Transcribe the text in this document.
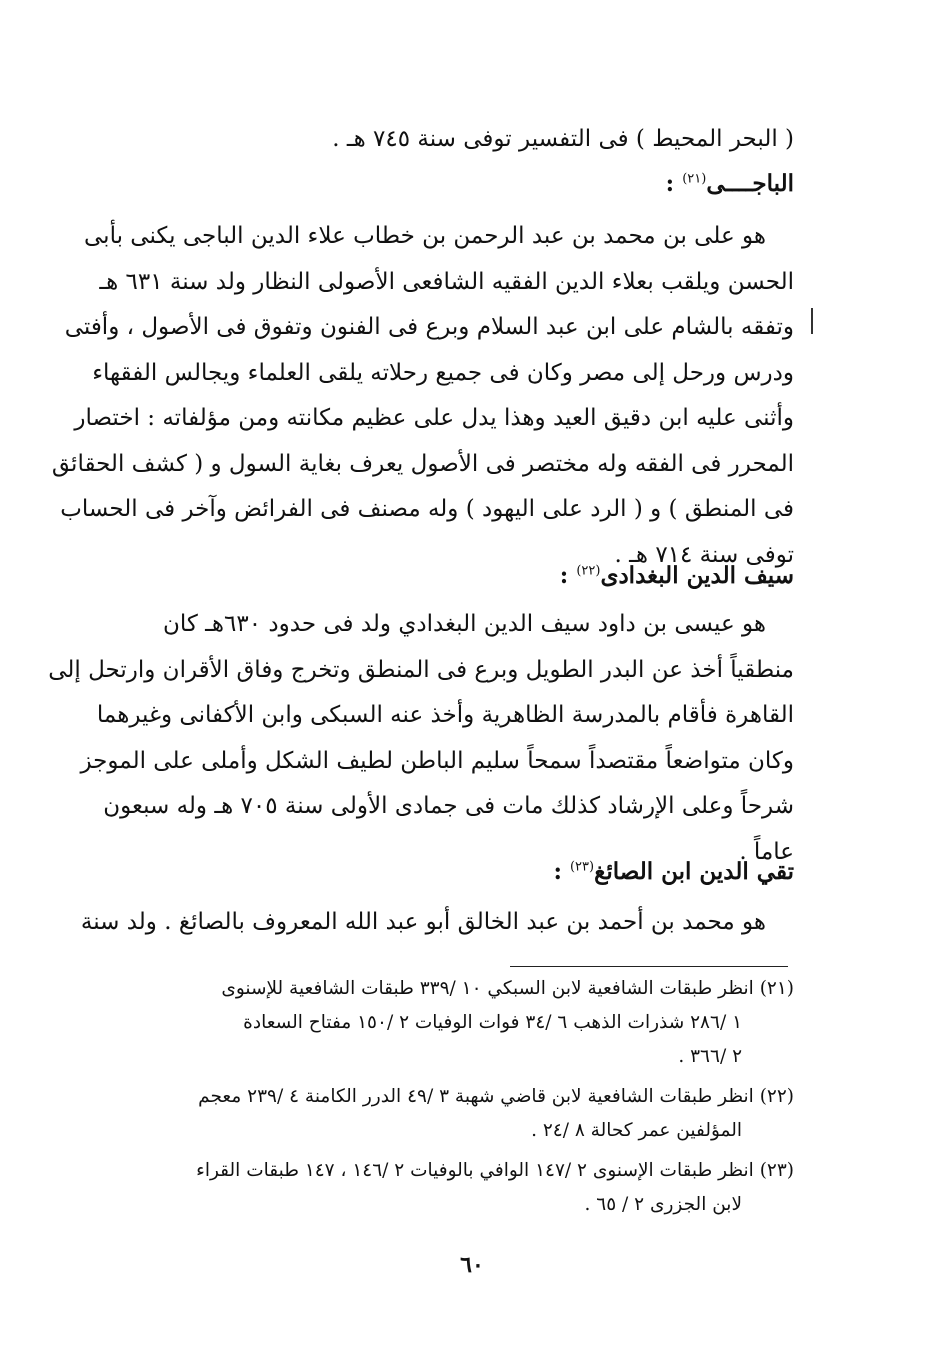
( البحر المحيط ) فى التفسير توفى سنة ٧٤٥ هـ .
الباجــــى$^{(٢١)}$ :
هو على بن محمد بن عبد الرحمن بن خطاب علاء الدين الباجى يكنى بأبى
الحسن ويلقب بعلاء الدين الفقيه الشافعى الأصولى النظار ولد سنة ٦٣١ هـ
وتفقه بالشام على ابن عبد السلام وبرع فى الفنون وتفوق فى الأصول ، وأفتى
ودرس ورحل إلى مصر وكان فى جميع رحلاته يلقى العلماء ويجالس الفقهاء
وأثنى عليه ابن دقيق العيد وهذا يدل على عظيم مكانته ومن مؤلفاته : اختصار
المحرر فى الفقه وله مختصر فى الأصول يعرف بغاية السول و ( كشف الحقائق
فى المنطق ) و ( الرد على اليهود ) وله مصنف فى الفرائض وآخر فى الحساب
توفى سنة ٧١٤ هـ .
سيف الدين البغدادى$^{(٢٢)}$ :
هو عيسى بن داود سيف الدين البغدادي ولد فى حدود ٦٣٠هـ كان
منطقياً أخذ عن البدر الطويل وبرع فى المنطق وتخرج وفاق الأقران وارتحل إلى
القاهرة فأقام بالمدرسة الظاهرية وأخذ عنه السبكى وابن الأكفانى وغيرهما
وكان متواضعاً مقتصداً سمحاً سليم الباطن لطيف الشكل وأملى على الموجز
شرحاً وعلى الإرشاد كذلك مات فى جمادى الأولى سنة ٧٠٥ هـ وله سبعون
عاماً .
تقي الدين ابن الصائغ$^{(٢٣)}$ :
هو محمد بن أحمد بن عبد الخالق أبو عبد الله المعروف بالصائغ . ولد سنة
(٢١) انظر طبقات الشافعية لابن السبكي ١٠ /٣٣٩ طبقات الشافعية للإسنوى
١ /٢٨٦ شذرات الذهب ٦ /٣٤ فوات الوفيات ٢ /١٥٠ مفتاح السعادة
٢ /٣٦٦ .
(٢٢) انظر طبقات الشافعية لابن قاضي شهبة ٣ /٤٩ الدرر الكامنة ٤ /٢٣٩ معجم
المؤلفين عمر كحالة ٨ /٢٤ .
(٢٣) انظر طبقات الإسنوى ٢ /١٤٧ الوافي بالوفيات ٢ /١٤٦ ، ١٤٧ طبقات القراء
لابن الجزرى ٢ / ٦٥ .
٦٠
